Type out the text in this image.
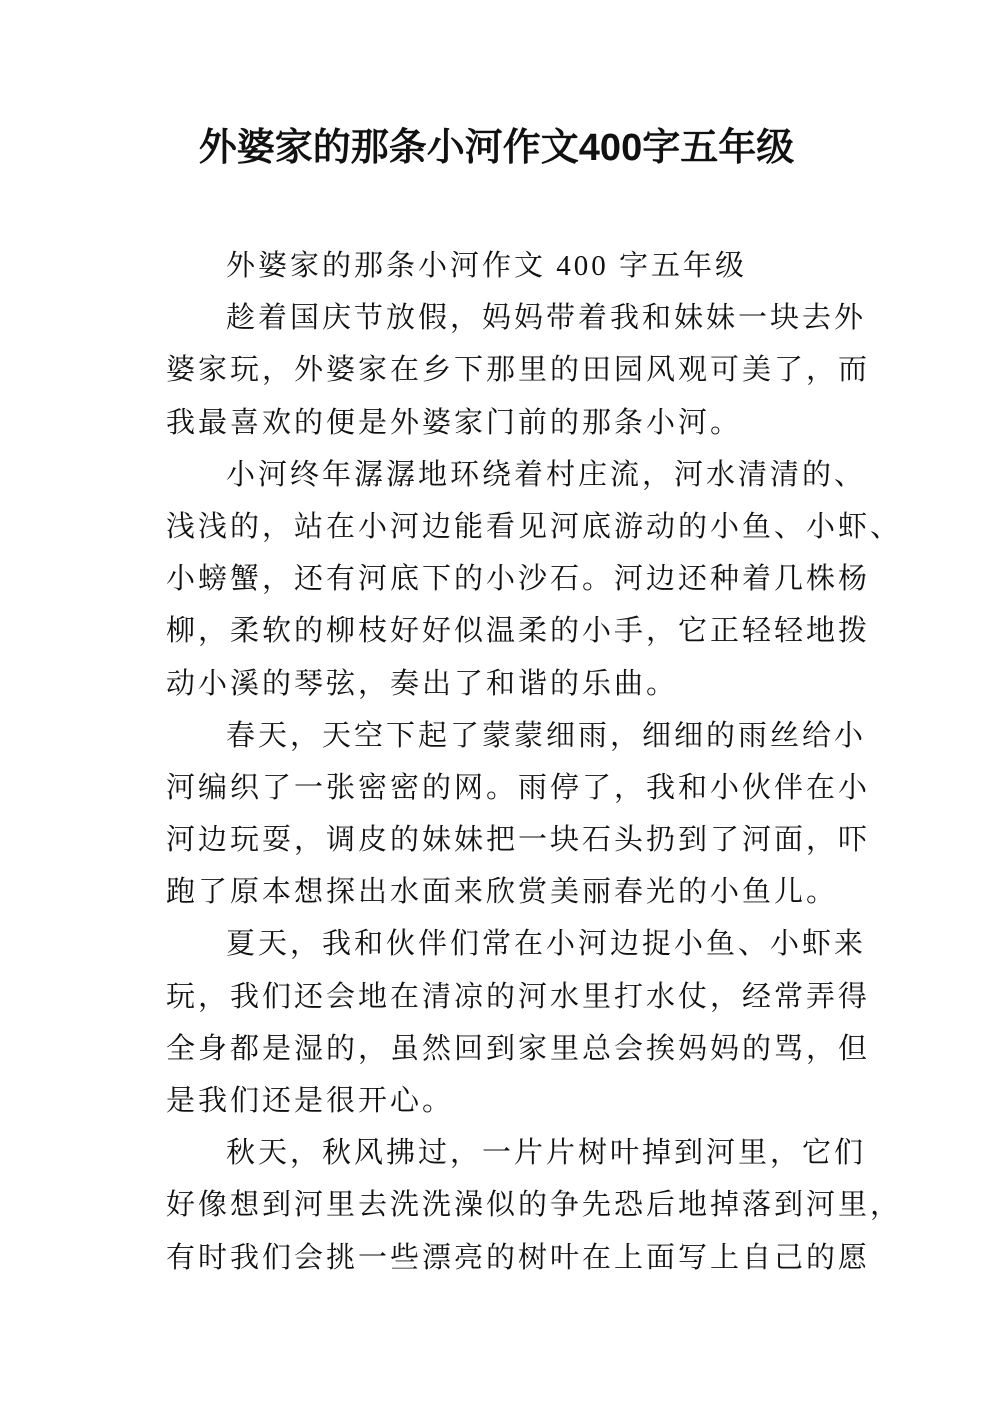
外婆家的那条小河作文400字五年级
外婆家的那条小河作文 400 字五年级
趁着国庆节放假，妈妈带着我和妹妹一块去外
婆家玩，外婆家在乡下那里的田园风观可美了，而
我最喜欢的便是外婆家门前的那条小河。
小河终年潺潺地环绕着村庄流，河水清清的、
浅浅的，站在小河边能看见河底游动的小鱼、小虾、
小螃蟹，还有河底下的小沙石。河边还种着几株杨
柳，柔软的柳枝好好似温柔的小手，它正轻轻地拨
动小溪的琴弦，奏出了和谐的乐曲。
春天，天空下起了蒙蒙细雨，细细的雨丝给小
河编织了一张密密的网。雨停了，我和小伙伴在小
河边玩耍，调皮的妹妹把一块石头扔到了河面，吓
跑了原本想探出水面来欣赏美丽春光的小鱼儿。
夏天，我和伙伴们常在小河边捉小鱼、小虾来
玩，我们还会地在清凉的河水里打水仗，经常弄得
全身都是湿的，虽然回到家里总会挨妈妈的骂，但
是我们还是很开心。
秋天，秋风拂过，一片片树叶掉到河里，它们
好像想到河里去洗洗澡似的争先恐后地掉落到河里，
有时我们会挑一些漂亮的树叶在上面写上自己的愿
